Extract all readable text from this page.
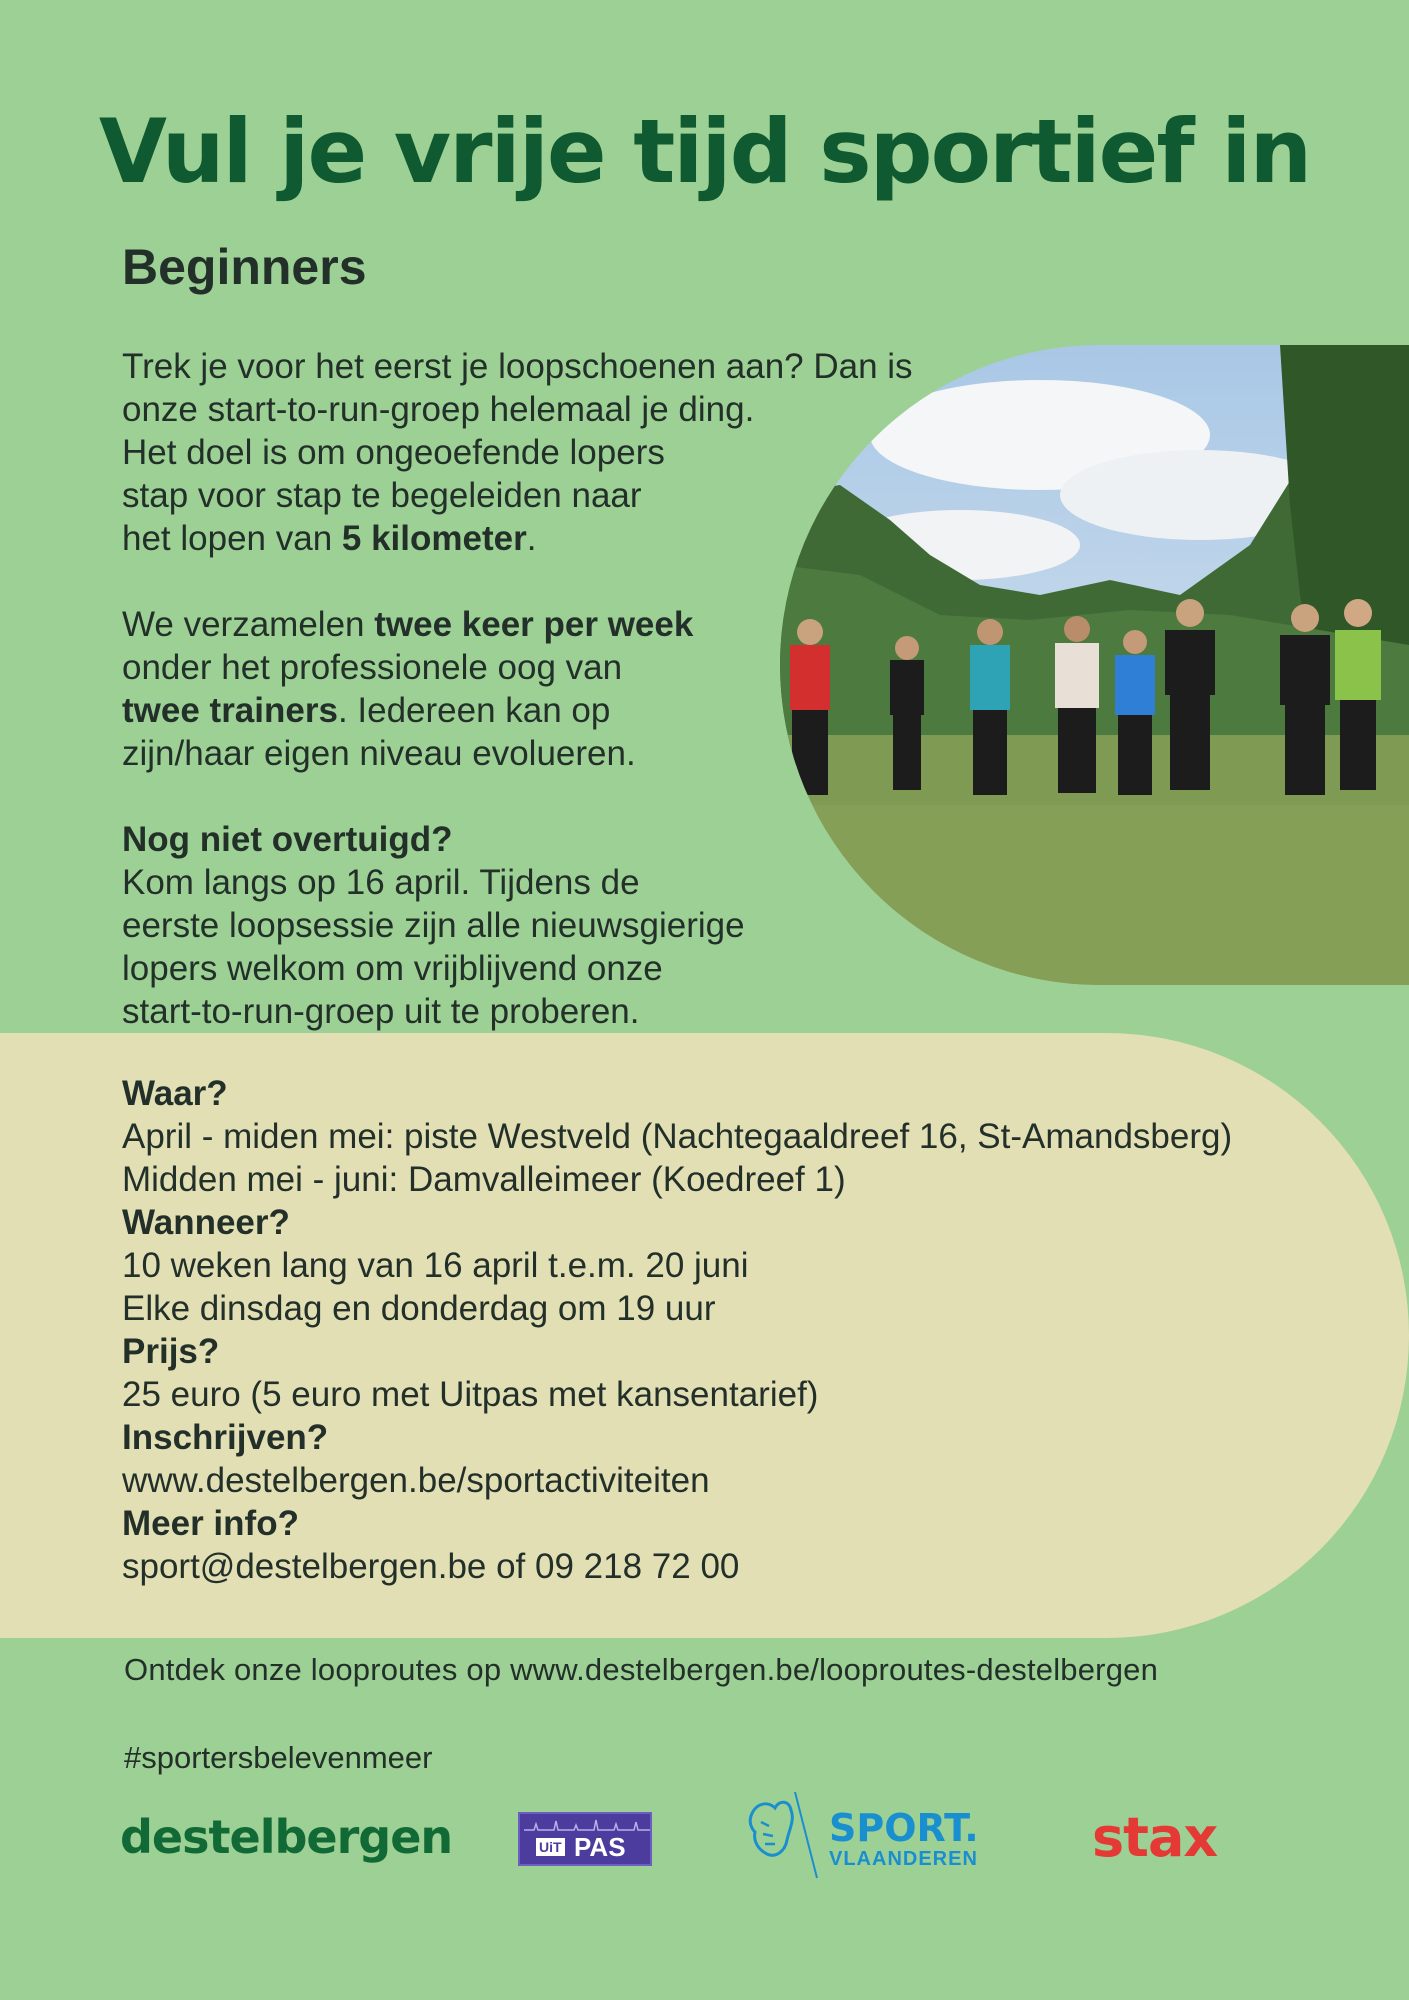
Vul je vrije tijd sportief in
Beginners

Trek je voor het eerst je loopschoenen aan? Dan is
onze start-to-run-groep helemaal je ding.
Het doel is om ongeoefende lopers
stap voor stap te begeleiden naar
het lopen van 5 kilometer.

We verzamelen twee keer per week
onder het professionele oog van
twee trainers. Iedereen kan op
zijn/haar eigen niveau evolueren.

Nog niet overtuigd?
Kom langs op 16 april. Tijdens de
eerste loopsessie zijn alle nieuwsgierige
lopers welkom om vrijblijvend onze
start-to-run-groep uit te proberen.

Waar?
April - miden mei: piste Westveld (Nachtegaaldreef 16, St-Amandsberg)
Midden mei - juni: Damvalleimeer (Koedreef 1)
Wanneer?
10 weken lang van 16 april t.e.m. 20 juni
Elke dinsdag en donderdag om 19 uur
Prijs?
25 euro (5 euro met Uitpas met kansentarief)
Inschrijven?
www.destelbergen.be/sportactiviteiten
Meer info?
sport@destelbergen.be of 09 218 72 00

Ontdek onze looproutes op www.destelbergen.be/looproutes-destelbergen

#sportersbelevenmeer

destelbergen	UiT PAS	SPORT.
VLAANDEREN stax
